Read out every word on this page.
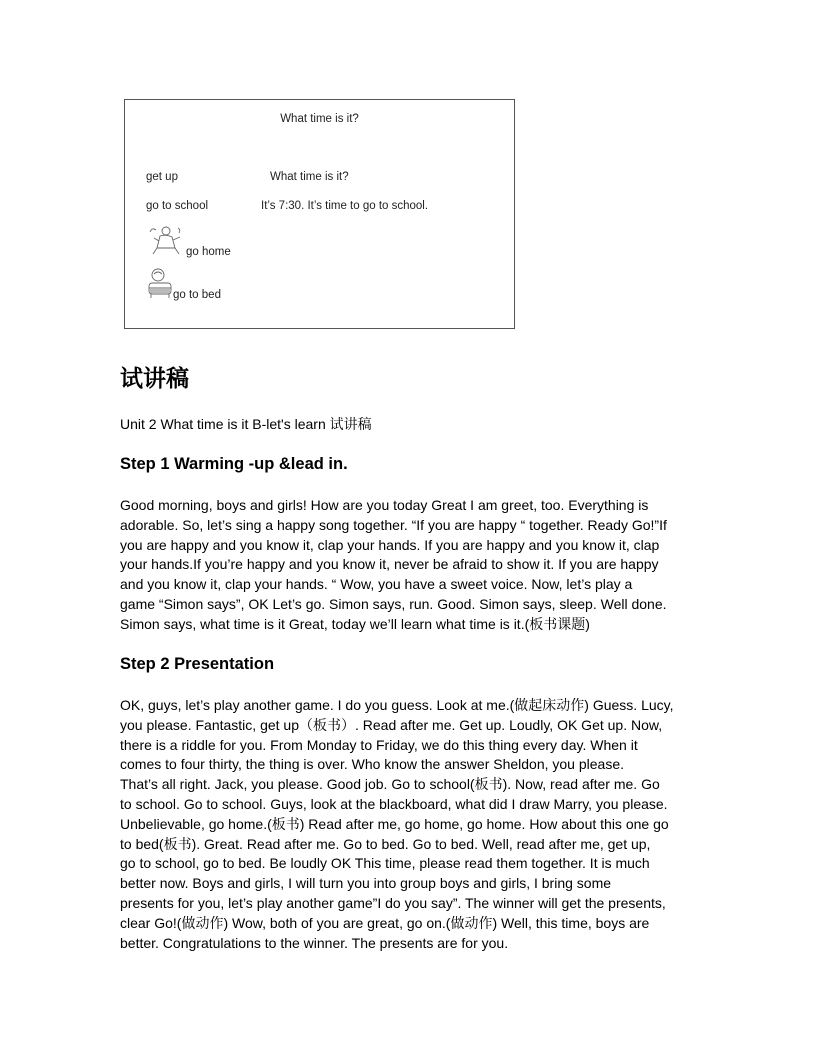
What time is it?
get up	What time is it?
go to school	It’s 7:30. It’s time to go to school.
go home
go to bed
试讲稿

Unit 2 What time is it B-let's learn 试讲稿

Step 1 Warming -up &lead in.
Good morning, boys and girls! How are you today Great I am greet, too. Everything is
adorable. So, let’s sing a happy song together. “If you are happy “ together. Ready Go!”If
you are happy and you know it, clap your hands. If you are happy and you know it, clap
your hands.If you’re happy and you know it, never be afraid to show it. If you are happy
and you know it, clap your hands. “ Wow, you have a sweet voice. Now, let’s play a
game “Simon says”, OK Let’s go. Simon says, run. Good. Simon says, sleep. Well done.
Simon says, what time is it Great, today we’ll learn what time is it.(板书课题)
Step 2 Presentation
OK, guys, let’s play another game. I do you guess. Look at me.(做起床动作) Guess. Lucy,
you please. Fantastic, get up（板书）. Read after me. Get up. Loudly, OK Get up. Now,
there is a riddle for you. From Monday to Friday, we do this thing every day. When it
comes to four thirty, the thing is over. Who know the answer Sheldon, you please.
That’s all right. Jack, you please. Good job. Go to school(板书). Now, read after me. Go
to school. Go to school. Guys, look at the blackboard, what did I draw Marry, you please.
Unbelievable, go home.(板书) Read after me, go home, go home. How about this one go
to bed(板书). Great. Read after me. Go to bed. Go to bed. Well, read after me, get up,
go to school, go to bed. Be loudly OK This time, please read them together. It is much
better now. Boys and girls, I will turn you into group boys and girls, I bring some
presents for you, let’s play another game”I do you say”. The winner will get the presents,
clear Go!(做动作) Wow, both of you are great, go on.(做动作) Well, this time, boys are
better. Congratulations to the winner. The presents are for you.
